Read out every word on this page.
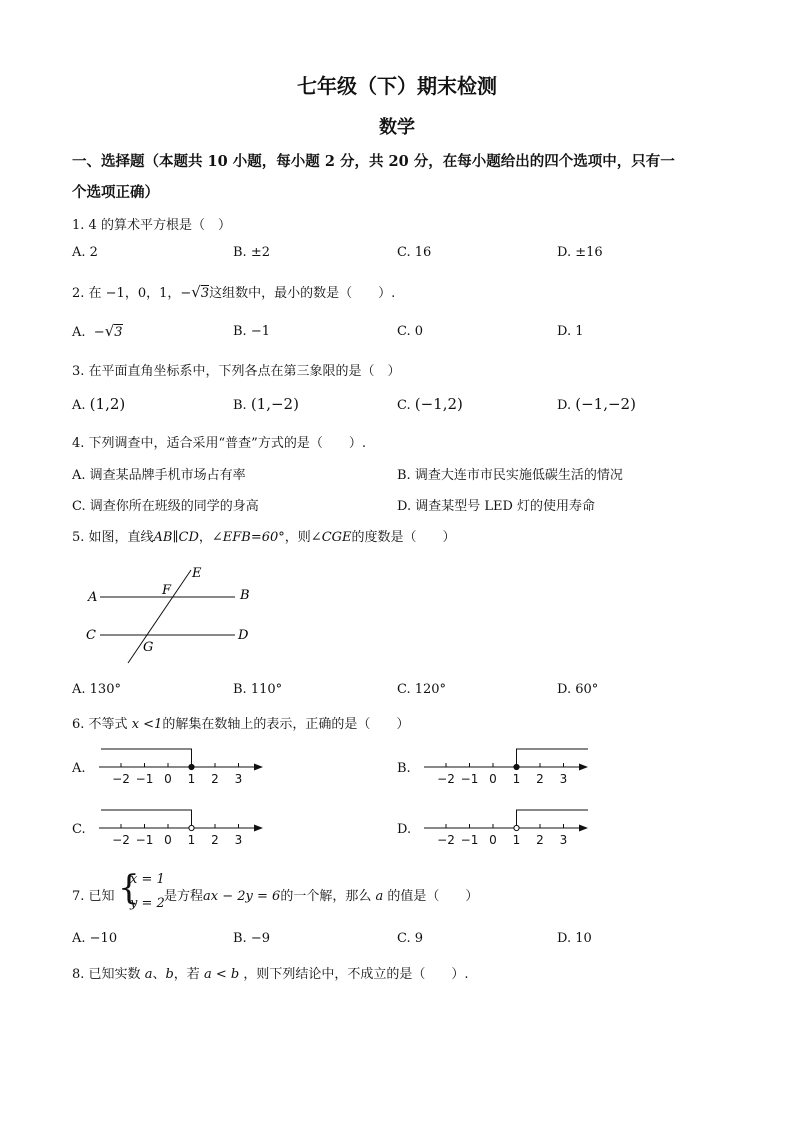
七年级（下）期末检测
数学
一、选择题（本题共 10 小题，每小题 2 分，共 20 分，在每小题给出的四个选项中，只有一
个选项正确）
1. 4 的算术平方根是（　）
A. 2	B. ±2	C. 16	D. ±16
2. 在 −1，0，1，−√3这组数中，最小的数是（　　）.
A. −√3	B. −1	C. 0	D. 1
3. 在平面直角坐标系中，下列各点在第三象限的是（　）
A. (1,2)	B. (1,−2)	C. (−1,2)	D. (−1,−2)
4. 下列调查中，适合采用“普查”方式的是（　　）.
A. 调查某品牌手机市场占有率	B. 调查大连市市民实施低碳生活的情况
C. 调查你所在班级的同学的身高	D. 调查某型号 LED 灯的使用寿命
5. 如图，直线AB∥CD，∠EFB=60°，则∠CGE的度数是（　　）
A	B
C	D
E
F
G
A. 130°	B. 110°	C. 120°	D. 60°
6. 不等式 x <1的解集在数轴上的表示，正确的是（　　）
A.	B.
C.	D.
−2 −1 0 1 2 3	−2 −1 0 1 2 3
−2 −1 0 1 2 3	−2 −1 0 1 2 3
7. 已知 {
x = 1
y = 2 是方程ax − 2y = 6的一个解，那么 a 的值是（　　）
A. −10	B. −9	C. 9	D. 10
8. 已知实数 a、b，若 a < b ，则下列结论中，不成立的是（　　）.
